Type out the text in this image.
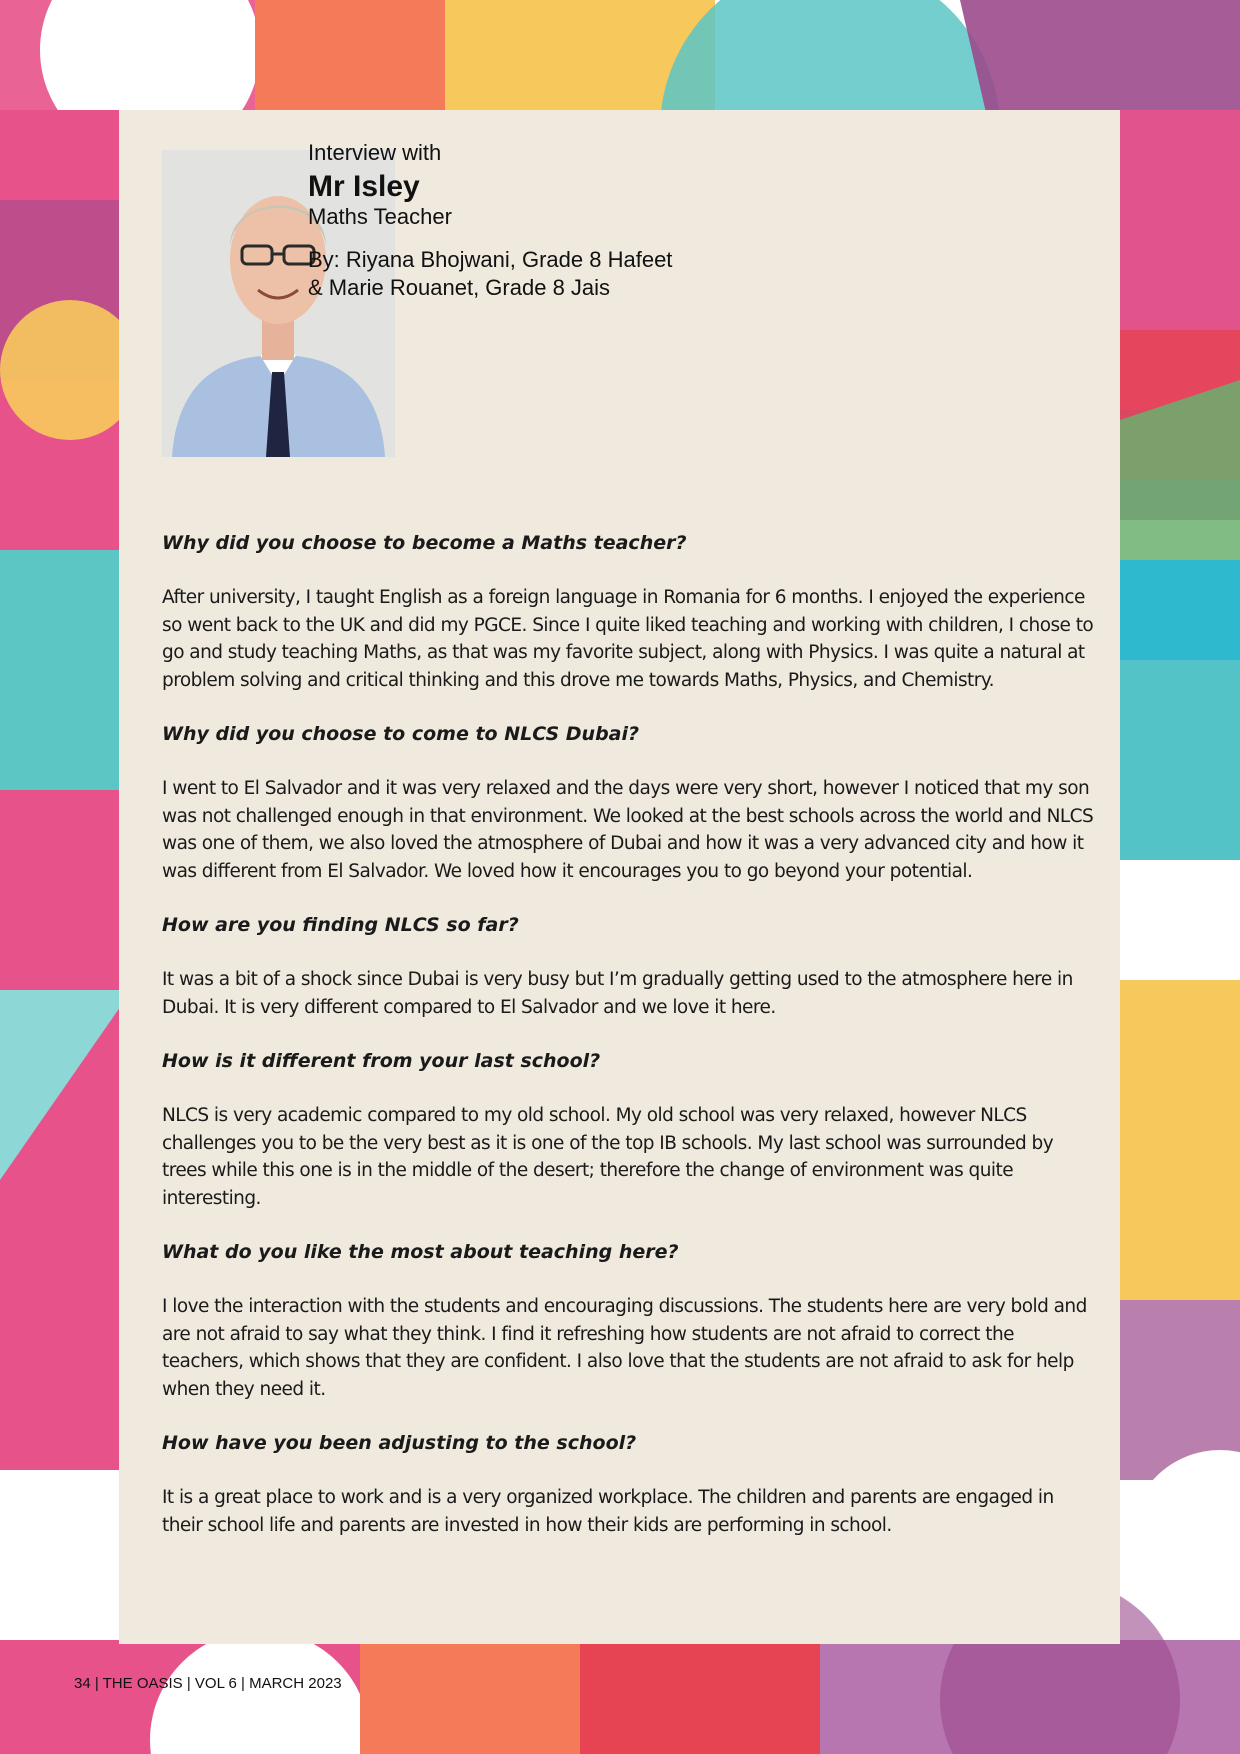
Interview with

Mr Isley

Maths Teacher

By: Riyana Bhojwani, Grade 8 Hafeet
& Marie Rouanet, Grade 8 Jais

Why did you choose to become a Maths teacher?

After university, I taught English as a foreign language in Romania for 6 months. I enjoyed the experience so went back to the UK and did my PGCE. Since I quite liked teaching and working with children, I chose to go and study teaching Maths, as that was my favorite subject, along with Physics. I was quite a natural at problem solving and critical thinking and this drove me towards Maths, Physics, and Chemistry.

Why did you choose to come to NLCS Dubai?

I went to El Salvador and it was very relaxed and the days were very short, however I noticed that my son was not challenged enough in that environment. We looked at the best schools across the world and NLCS was one of them, we also loved the atmosphere of Dubai and how it was a very advanced city and how it was different from El Salvador. We loved how it encourages you to go beyond your potential.

How are you finding NLCS so far?

It was a bit of a shock since Dubai is very busy but I’m gradually getting used to the atmosphere here in Dubai. It is very different compared to El Salvador and we love it here.

How is it different from your last school?

NLCS is very academic compared to my old school. My old school was very relaxed, however NLCS challenges you to be the very best as it is one of the top IB schools. My last school was surrounded by trees while this one is in the middle of the desert; therefore the change of environment was quite interesting.

What do you like the most about teaching here?

I love the interaction with the students and encouraging discussions. The students here are very bold and are not afraid to say what they think. I find it refreshing how students are not afraid to correct the teachers, which shows that they are confident. I also love that the students are not afraid to ask for help when they need it.

How have you been adjusting to the school?

It is a great place to work and is a very organized workplace. The children and parents are engaged in their school life and parents are invested in how their kids are performing in school.

34 | THE OASIS | VOL 6 | MARCH 2023
